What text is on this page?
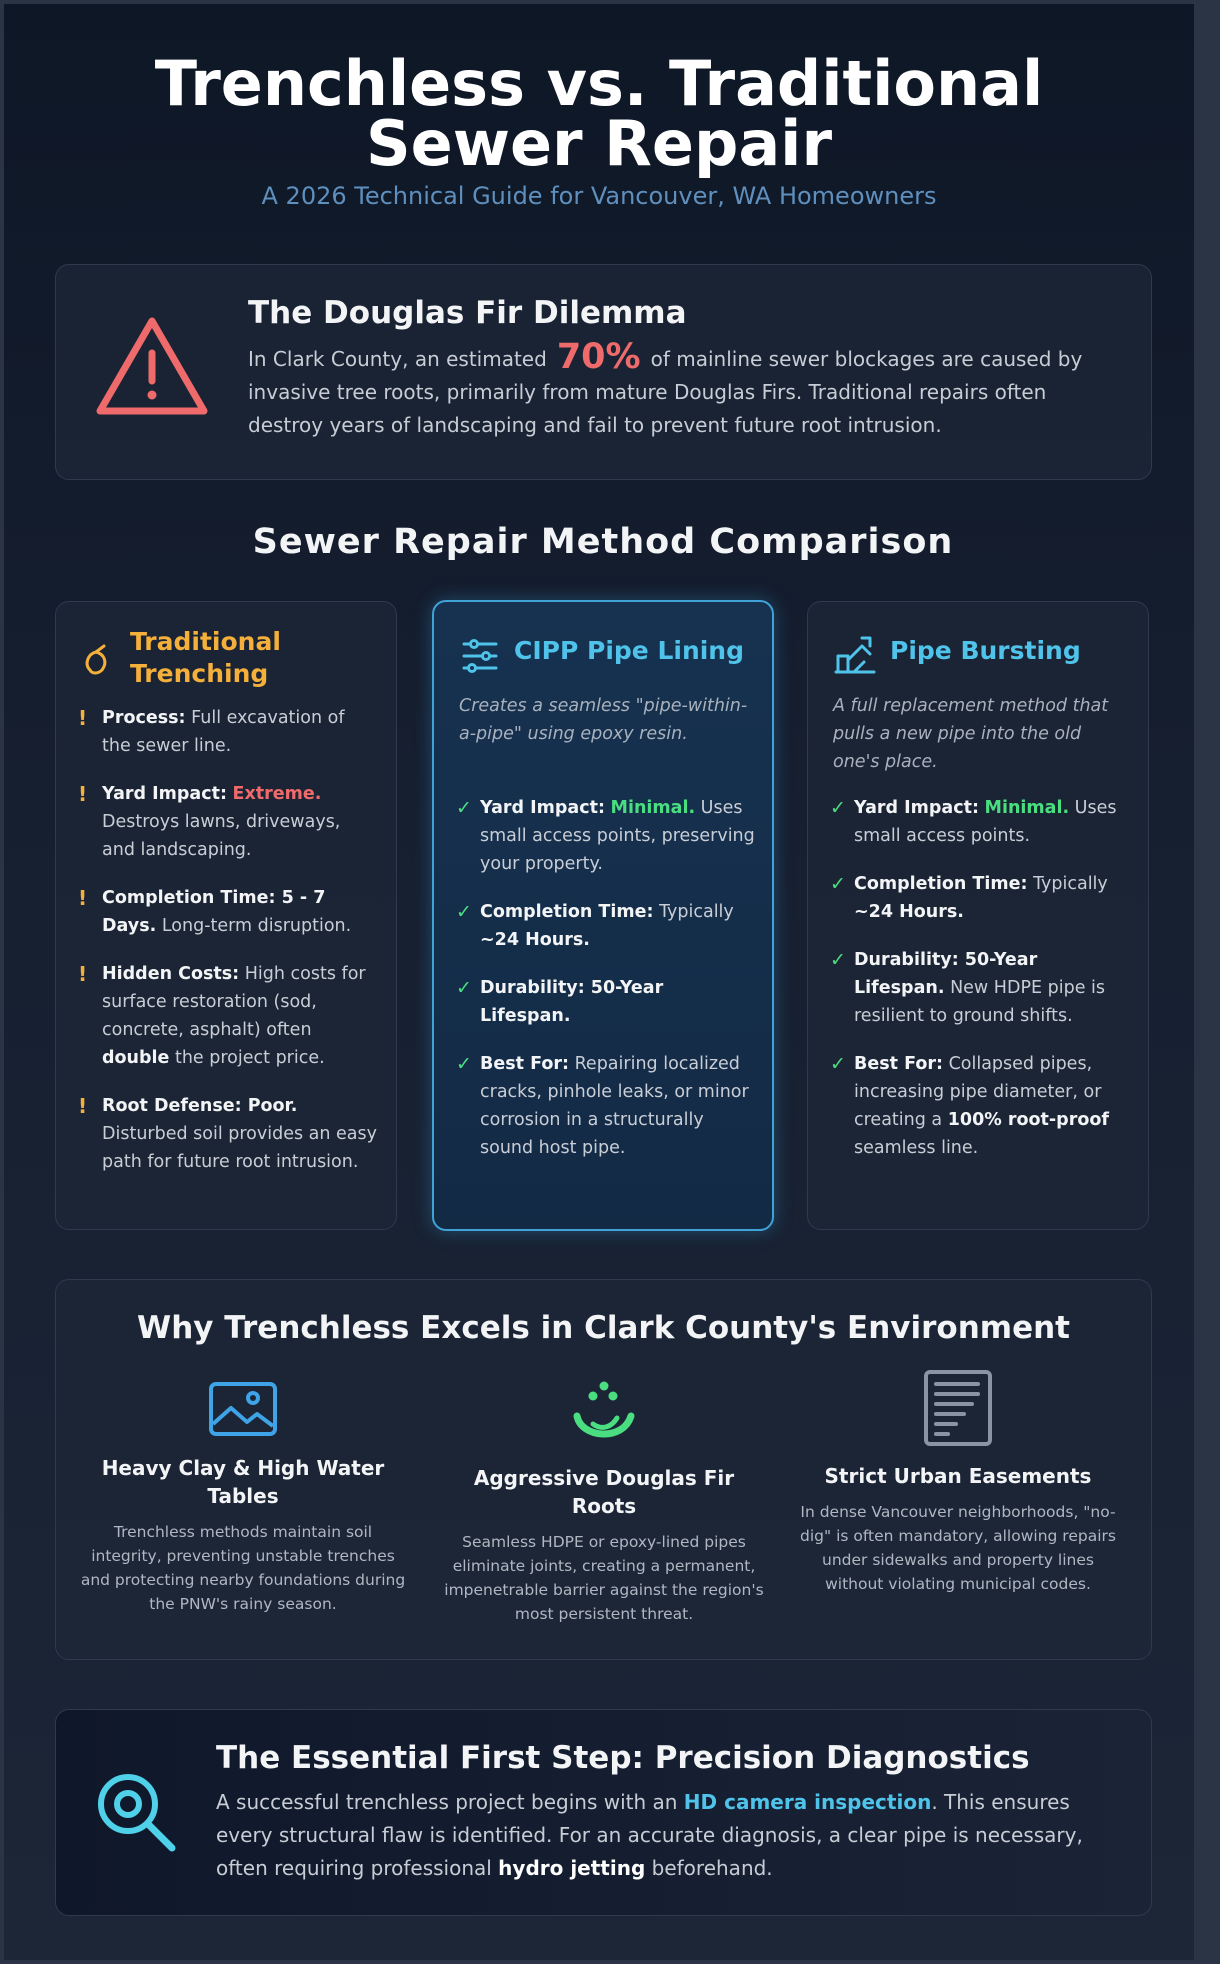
Trenchless vs. Traditional Sewer Repair
A 2026 Technical Guide for Vancouver, WA Homeowners
The Douglas Fir Dilemma

In Clark County, an estimated 70% of mainline sewer blockages are caused by invasive tree roots, primarily from mature Douglas Firs. Traditional repairs often destroy years of landscaping and fail to prevent future root intrusion.

Sewer Repair Method Comparison
Traditional
Trenching
! Process: Full excavation of the sewer line.
! Yard Impact: Extreme. Destroys lawns, driveways, and landscaping.
! Completion Time: 5 - 7 Days. Long-term disruption.
! Hidden Costs: High costs for surface restoration (sod, concrete, asphalt) often double the project price.
! Root Defense: Poor. Disturbed soil provides an easy path for future root intrusion.
CIPP Pipe Lining
Creates a seamless "pipe-within-a-pipe" using epoxy resin.
✓ Yard Impact: Minimal. Uses small access points, preserving your property.
✓ Completion Time: Typically ~24 Hours.
✓ Durability: 50-Year Lifespan.
✓ Best For: Repairing localized cracks, pinhole leaks, or minor corrosion in a structurally sound host pipe.
Pipe Bursting
A full replacement method that pulls a new pipe into the old one's place.
✓ Yard Impact: Minimal. Uses small access points.
✓ Completion Time: Typically ~24 Hours.
✓ Durability: 50-Year Lifespan. New HDPE pipe is resilient to ground shifts.
✓ Best For: Collapsed pipes, increasing pipe diameter, or creating a 100% root-proof seamless line.
Why Trenchless Excels in Clark County's Environment
Heavy Clay & High Water Tables

Trenchless methods maintain soil integrity, preventing unstable trenches and protecting nearby foundations during the PNW's rainy season.

Aggressive Douglas Fir Roots

Seamless HDPE or epoxy-lined pipes eliminate joints, creating a permanent, impenetrable barrier against the region's most persistent threat.

Strict Urban Easements

In dense Vancouver neighborhoods, "no-dig" is often mandatory, allowing repairs under sidewalks and property lines without violating municipal codes.

The Essential First Step: Precision Diagnostics

A successful trenchless project begins with an HD camera inspection. This ensures every structural flaw is identified. For an accurate diagnosis, a clear pipe is necessary, often requiring professional hydro jetting beforehand.
